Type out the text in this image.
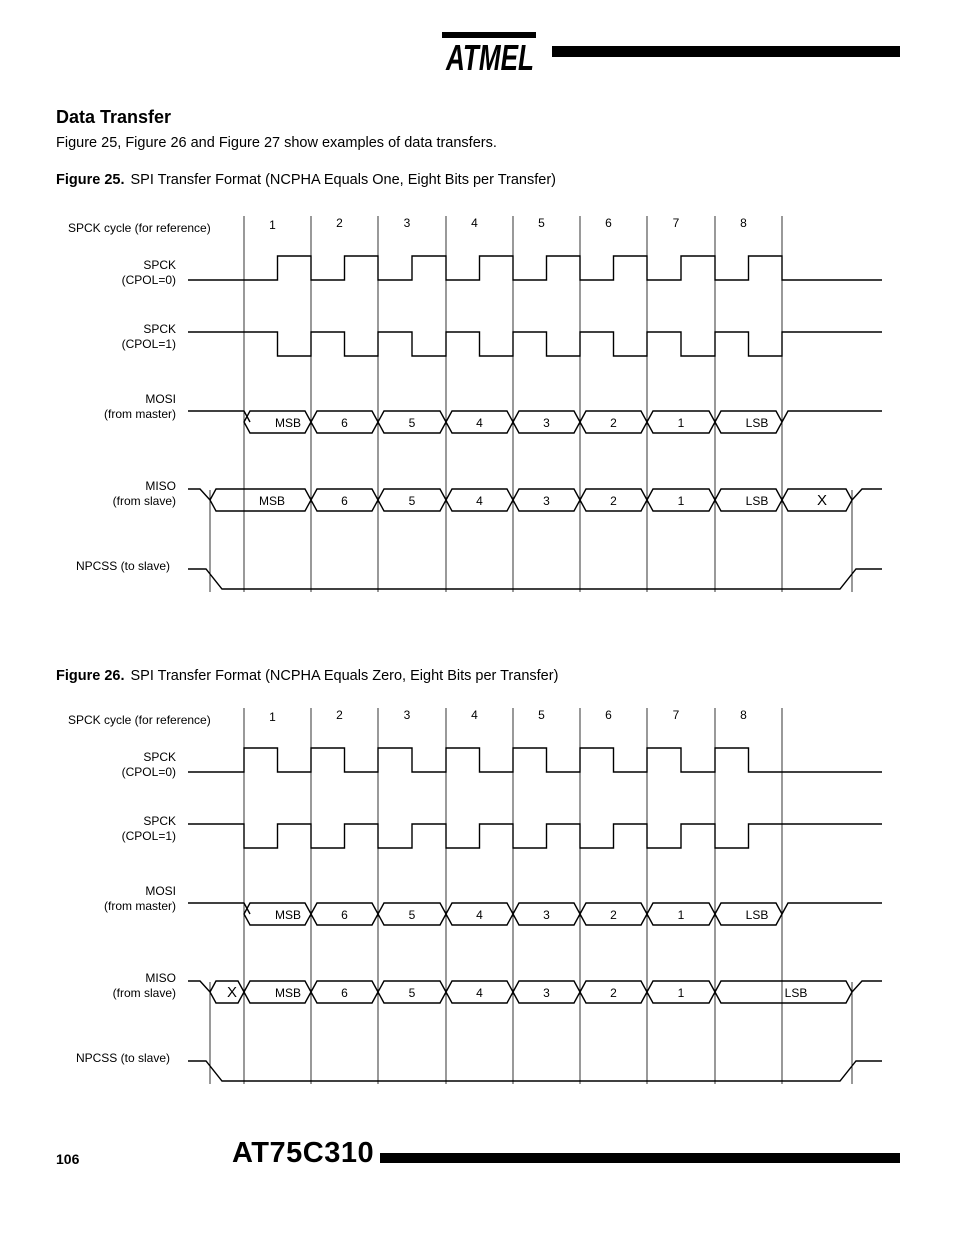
ATMEL
Data Transfer
Figure 25, Figure 26 and Figure 27 show examples of data transfers.
Figure 25. SPI Transfer Format (NCPHA Equals One, Eight Bits per Transfer)
SPCK cycle (for reference)	1	2	3	4	5	6	7	8
SPCK
(CPOL=0)
SPCK
(CPOL=1)
MOSI
(from master)
MISO
(from slave)
NPCSS (to slave)
MSB	6	5	4	3	2	1	LSB
MSB	6	5	4	3	2	1	LSB	X
Figure 26. SPI Transfer Format (NCPHA Equals Zero, Eight Bits per Transfer)
SPCK cycle (for reference)	1	2	3	4	5	6	7	8
SPCK
(CPOL=0)
SPCK
(CPOL=1)
MOSI
(from master)
MISO
(from slave)
NPCSS (to slave)
MSB	6	5	4	3	2	1	LSB
X	MSB	6	5	4	3	2	1	LSB
106	AT75C310
